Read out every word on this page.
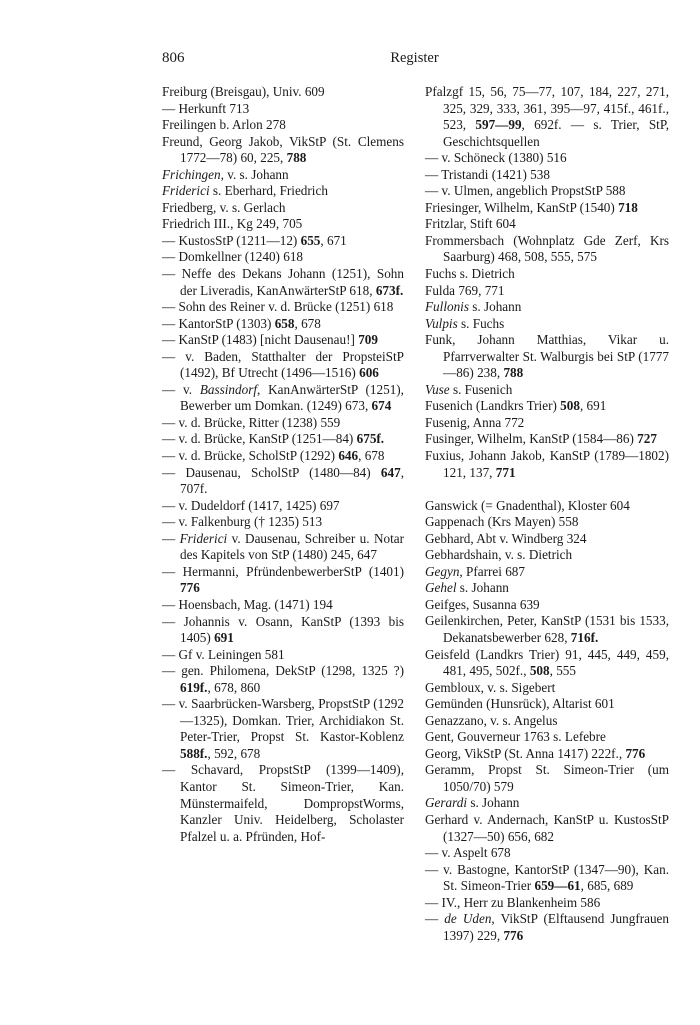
806	Register
Freiburg (Breisgau), Univ. 609
— Herkunft 713
Freilingen b. Arlon 278
Freund, Georg Jakob, VikStP (St. Clemens 1772—78) 60, 225, 788
Frichingen, v. s. Johann
Friderici s. Eberhard, Friedrich
Friedberg, v. s. Gerlach
Friedrich III., Kg 249, 705
— KustosStP (1211—12) 655, 671
— Domkellner (1240) 618
— Neffe des Dekans Johann (1251), Sohn der Liveradis, KanAnwärterStP 618, 673f.
— Sohn des Reiner v. d. Brücke (1251) 618
— KantorStP (1303) 658, 678
— KanStP (1483) [nicht Dausenau!] 709
— v. Baden, Statthalter der PropsteiStP (1492), Bf Utrecht (1496—1516) 606
— v. Bassindorf, KanAnwärterStP (1251), Bewerber um Domkan. (1249) 673, 674
— v. d. Brücke, Ritter (1238) 559
— v. d. Brücke, KanStP (1251—84) 675f.
— v. d. Brücke, ScholStP (1292) 646, 678
— Dausenau, ScholStP (1480—84) 647, 707f.
— v. Dudeldorf (1417, 1425) 697
— v. Falkenburg († 1235) 513
— Friderici v. Dausenau, Schreiber u. Notar des Kapitels von StP (1480) 245, 647
— Hermanni, PfründenbewerberStP (1401) 776
— Hoensbach, Mag. (1471) 194
— Johannis v. Osann, KanStP (1393 bis 1405) 691
— Gf v. Leiningen 581
— gen. Philomena, DekStP (1298, 1325 ?) 619f., 678, 860
— v. Saarbrücken-Warsberg, PropstStP (1292—1325), Domkan. Trier, Archidiakon St. Peter-Trier, Propst St. Kastor-Koblenz 588f., 592, 678
— Schavard, PropstStP (1399—1409), Kantor St. Simeon-Trier, Kan. Münstermaifeld, DompropstWorms, Kanzler Univ. Heidelberg, Scholaster Pfalzel u. a. Pfründen, Hof-
Pfalzgf 15, 56, 75—77, 107, 184, 227, 271, 325, 329, 333, 361, 395—97, 415f., 461f., 523, 597—99, 692f. — s. Trier, StP, Geschichtsquellen
— v. Schöneck (1380) 516
— Tristandi (1421) 538
— v. Ulmen, angeblich PropstStP 588
Friesinger, Wilhelm, KanStP (1540) 718
Fritzlar, Stift 604
Frommersbach (Wohnplatz Gde Zerf, Krs Saarburg) 468, 508, 555, 575
Fuchs s. Dietrich
Fulda 769, 771
Fullonis s. Johann
Vulpis s. Fuchs
Funk, Johann Matthias, Vikar u. Pfarrverwalter St. Walburgis bei StP (1777—86) 238, 788
Vuse s. Fusenich
Fusenich (Landkrs Trier) 508, 691
Fusenig, Anna 772
Fusinger, Wilhelm, KanStP (1584—86) 727
Fuxius, Johann Jakob, KanStP (1789—1802) 121, 137, 771
Ganswick (= Gnadenthal), Kloster 604
Gappenach (Krs Mayen) 558
Gebhard, Abt v. Windberg 324
Gebhardshain, v. s. Dietrich
Gegyn, Pfarrei 687
Gehel s. Johann
Geifges, Susanna 639
Geilenkirchen, Peter, KanStP (1531 bis 1533, Dekanatsbewerber 628, 716f.
Geisfeld (Landkrs Trier) 91, 445, 449, 459, 481, 495, 502f., 508, 555
Gembloux, v. s. Sigebert
Gemünden (Hunsrück), Altarist 601
Genazzano, v. s. Angelus
Gent, Gouverneur 1763 s. Lefebre
Georg, VikStP (St. Anna 1417) 222f., 776
Geramm, Propst St. Simeon-Trier (um 1050/70) 579
Gerardi s. Johann
Gerhard v. Andernach, KanStP u. KustosStP (1327—50) 656, 682
— v. Aspelt 678
— v. Bastogne, KantorStP (1347—90), Kan. St. Simeon-Trier 659—61, 685, 689
— IV., Herr zu Blankenheim 586
— de Uden, VikStP (Elftausend Jungfrauen 1397) 229, 776
